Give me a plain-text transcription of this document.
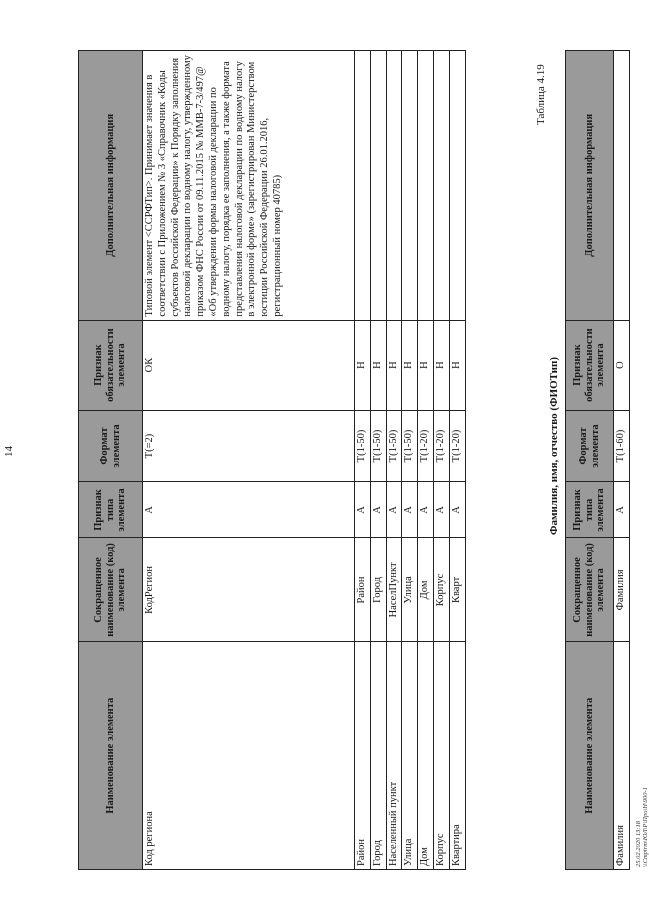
14
Наименование элемента	Сокращенное наименование (код) элемента	Признак типа элемента	Формат элемента	Признак обязательности элемента	Дополнительная информация
Код региона	КодРегион	А	Т(=2)	ОК	Типовой элемент <ССРФТип>. Принимает значения в соответствии с Приложением № 3 «Справочник «Коды субъектов Российской Федерации» к Порядку заполнения налоговой декларации по водному налогу, утвержденному приказом ФНС России от 09.11.2015 № ММВ-7-3/497@ «Об утверждении формы налоговой декларации по водному налогу, порядка ее заполнения, а также формата представления налоговой декларации по водному налогу в электронной форме» (зарегистрирован Министерством юстиции Российской Федерации 26.01.2016, регистрационный номер 40785)
Район	Район	А	Т(1-50)	Н	
Город	Город	А	Т(1-50)	Н	
Населенный пункт	НаселПункт	А	Т(1-50)	Н	
Улица	Улица	А	Т(1-50)	Н	
Дом	Дом	А	Т(1-20)	Н	
Корпус	Корпус	А	Т(1-20)	Н	
Квартира	Кварт	А	Т(1-20)	Н	
Таблица 4.19
Фамилия, имя, отчество (ФИОТип)
Наименование элемента	Сокращенное наименование (код) элемента	Признак типа элемента	Формат элемента	Признак обязательности элемента	Дополнительная информация
Фамилия	Фамилия	А	Т(1-60)	О	
25.02.2020 13:18 \\Cmptrm\ЮЛ\Р\Про\Н\900-1
